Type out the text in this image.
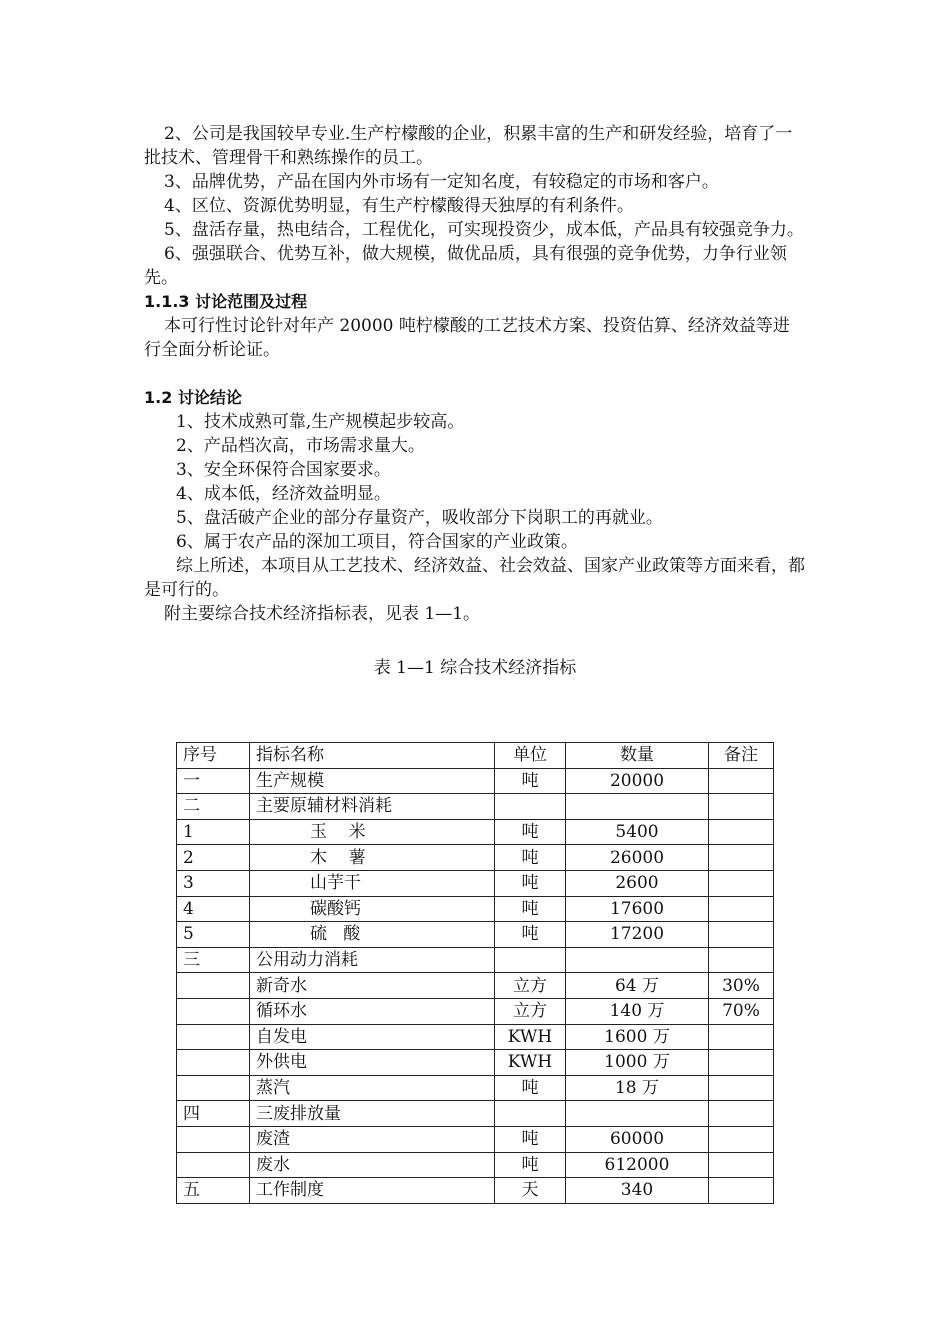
2、公司是我国较早专业.生产柠檬酸的企业，积累丰富的生产和研发经验，培育了一批技术、管理骨干和熟练操作的员工。

3、品牌优势，产品在国内外市场有一定知名度，有较稳定的市场和客户。

4、区位、资源优势明显，有生产柠檬酸得天独厚的有利条件。

5、盘活存量，热电结合，工程优化，可实现投资少，成本低，产品具有较强竞争力。

6、强强联合、优势互补，做大规模，做优品质，具有很强的竞争优势，力争行业领先。

1.1.3 讨论范围及过程

本可行性讨论针对年产 20000 吨柠檬酸的工艺技术方案、投资估算、经济效益等进行全面分析论证。

1.2 讨论结论

1、技术成熟可靠,生产规模起步较高。

2、产品档次高，市场需求量大。

3、安全环保符合国家要求。

4、成本低，经济效益明显。

5、盘活破产企业的部分存量资产，吸收部分下岗职工的再就业。

6、属于农产品的深加工项目，符合国家的产业政策。

综上所述，本项目从工艺技术、经济效益、社会效益、国家产业政策等方面来看，都是可行的。

附主要综合技术经济指标表，见表 1—1。

表 1—1 综合技术经济指标

序号	指标名称	单位	数量	备注
一	生产规模	吨	20000	
二	主要原辅材料消耗			
1	玉    米	吨	5400	
2	木    薯	吨	26000	
3	山芋干	吨	2600	
4	碳酸钙	吨	17600	
5	硫   酸	吨	17200	
三	公用动力消耗			
	新奇水	立方	64 万	30%
	循环水	立方	140 万	70%
	自发电	KWH	1600 万	
	外供电	KWH	1000 万	
	蒸汽	吨	18 万	
四	三废排放量			
	废渣	吨	60000	
	废水	吨	612000	
五	工作制度	天	340	
